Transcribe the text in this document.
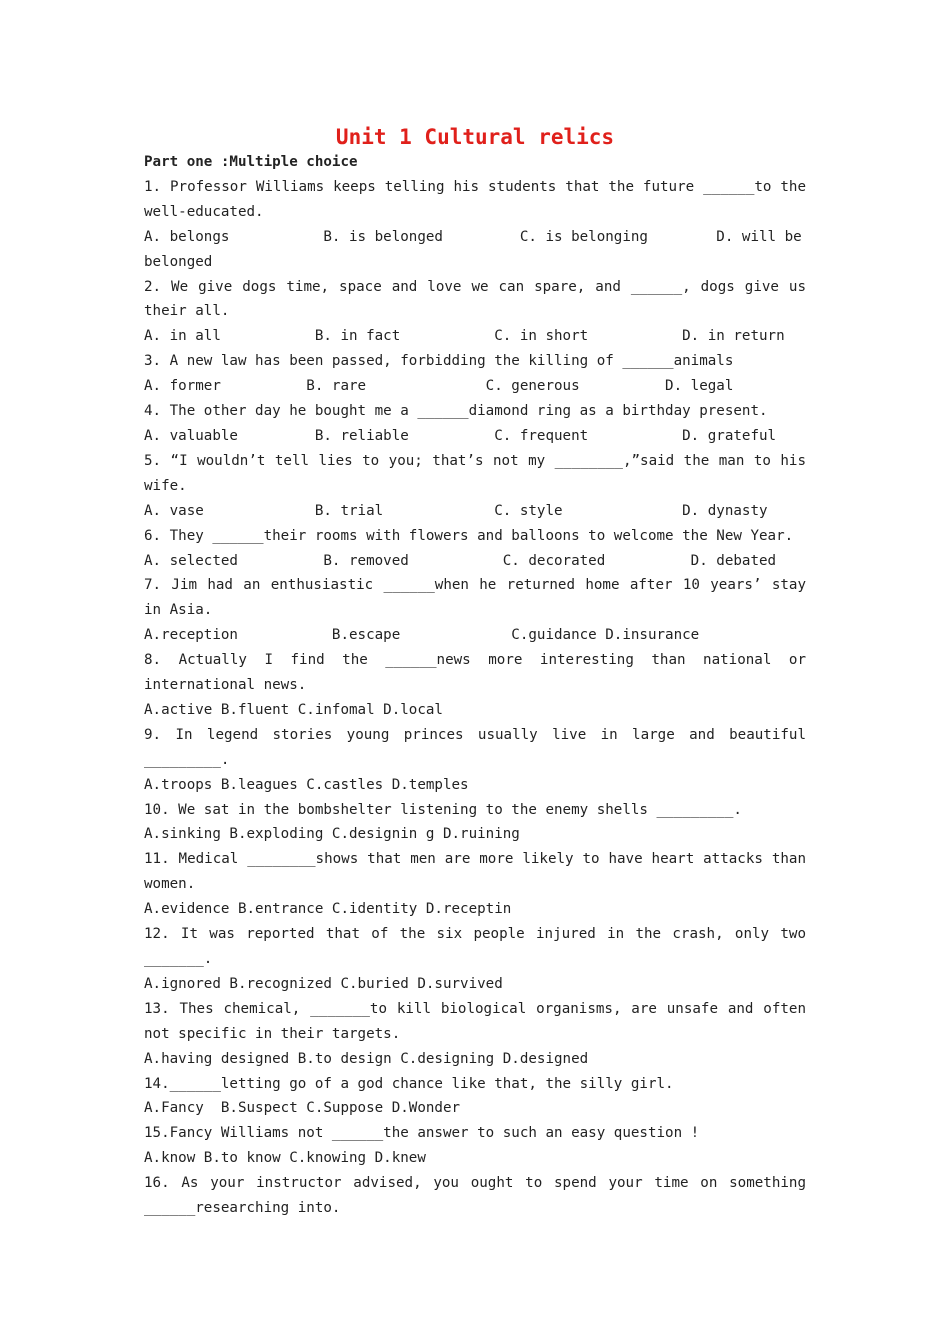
Unit 1 Cultural relics
Part one :Multiple choice
1. Professor Williams keeps telling his students that the future ______to the well-educated.
A. belongs           B. is belonged         C. is belonging        D. will be
belonged
2. We give dogs time, space and love we can spare, and ______, dogs give us their all.
A. in all           B. in fact           C. in short           D. in return
3. A new law has been passed, forbidding the killing of ______animals
A. former          B. rare              C. generous          D. legal
4. The other day he bought me a ______diamond ring as a birthday present.
A. valuable         B. reliable          C. frequent           D. grateful
5. “I wouldn’t tell lies to you; that’s not my ________,”said the man to his wife.
A. vase             B. trial             C. style              D. dynasty
6. They ______their rooms with flowers and balloons to welcome the New Year.
A. selected          B. removed           C. decorated          D. debated
7. Jim had an enthusiastic ______when he returned home after 10 years’ stay in Asia.
A.reception           B.escape             C.guidance D.insurance
8. Actually I find the ______news more interesting than national or international news.
A.active B.fluent C.infomal D.local
9. In legend stories young princes usually live in large and beautiful _________.
A.troops B.leagues C.castles D.temples
10. We sat in the bombshelter listening to the enemy shells _________.
A.sinking B.exploding C.designin g D.ruining
11. Medical ________shows that men are more likely to have heart attacks than women.
A.evidence B.entrance C.identity D.receptin
12. It was reported that of the six people injured in the crash, only two _______.
A.ignored B.recognized C.buried D.survived
13. Thes chemical, _______to kill biological organisms, are unsafe and often not specific in their targets.
A.having designed B.to design C.designing D.designed
14.______letting go of a god chance like that, the silly girl.
A.Fancy  B.Suspect C.Suppose D.Wonder
15.Fancy Williams not ______the answer to such an easy question !
A.know B.to know C.knowing D.knew
16. As your instructor advised, you ought to spend your time on something ______researching into.
